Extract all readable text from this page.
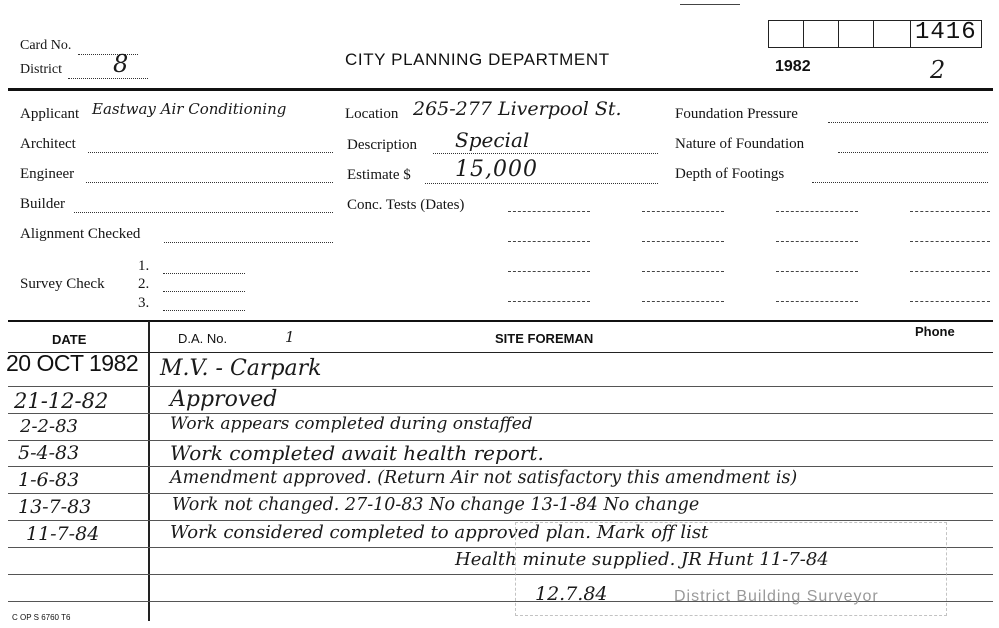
Card No.
District 8	CITY PLANNING DEPARTMENT	1982	2
1416
Applicant Eastway Air Conditioning	Location 265-277 Liverpool St.	Foundation Pressure
Architect	Description Special	Nature of Foundation
Engineer	Estimate $ 15,000	Depth of Footings
Builder	Conc. Tests (Dates)
Alignment Checked
1.
Survey Check 2.
3.
DATE	D.A. No.	1	SITE FOREMAN	Phone
20 OCT 1982 M.V. - Carpark
21-12-82	Approved
2-2-83	Work appears completed during onstaffed
5-4-83	Work completed await health report.
1-6-83	Amendment approved. (Return Air not satisfactory this amendment is)
13-7-83	Work not changed. 27-10-83 No change 13-1-84 No change
11-7-84	Work considered completed to approved plan. Mark off list
Health minute supplied. JR Hunt 11-7-84
12.7.84	District Building Surveyor
C OP S 6760 T6
